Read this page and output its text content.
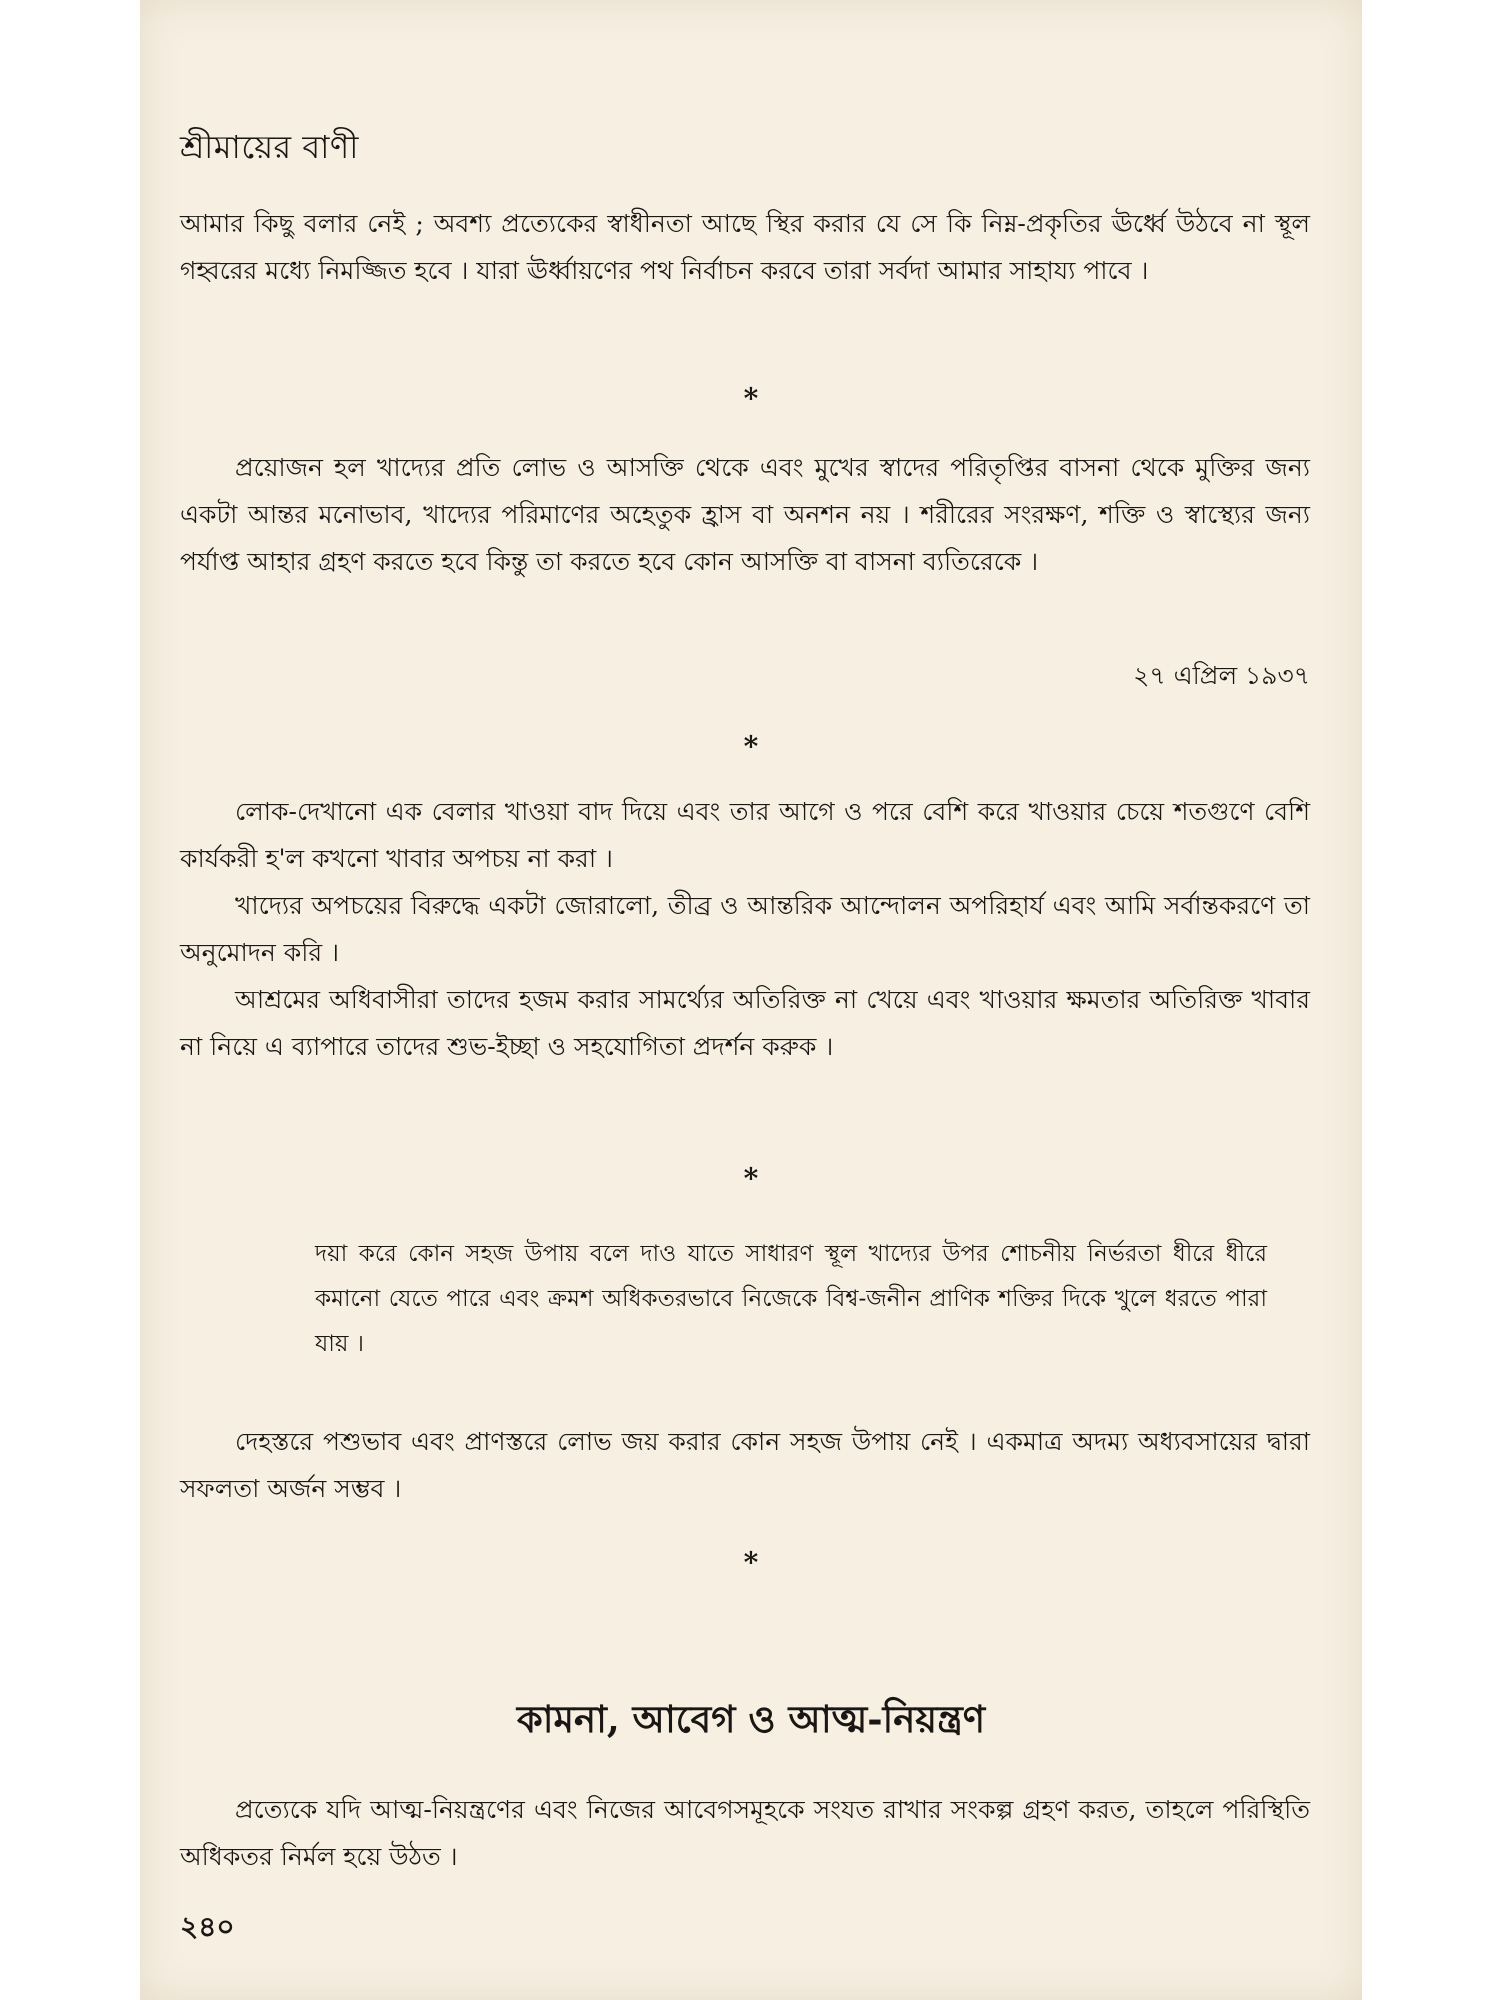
শ্রীমায়ের বাণী

আমার কিছু বলার নেই ; অবশ্য প্রত্যেকের স্বাধীনতা আছে স্থির করার যে সে কি নিম্ন-প্রকৃতির ঊর্ধ্বে উঠবে না স্থূল গহ্বরের মধ্যে নিমজ্জিত হবে । যারা ঊর্ধ্বায়ণের পথ নির্বাচন করবে তারা সর্বদা আমার সাহায্য পাবে ।

*

প্রয়োজন হল খাদ্যের প্রতি লোভ ও আসক্তি থেকে এবং মুখের স্বাদের পরিতৃপ্তির বাসনা থেকে মুক্তির জন্য একটা আন্তর মনোভাব, খাদ্যের পরিমাণের অহেতুক হ্রাস বা অনশন নয় । শরীরের সংরক্ষণ, শক্তি ও স্বাস্থ্যের জন্য পর্যাপ্ত আহার গ্রহণ করতে হবে কিন্তু তা করতে হবে কোন আসক্তি বা বাসনা ব্যতিরেকে ।

২৭ এপ্রিল ১৯৩৭
*

লোক-দেখানো এক বেলার খাওয়া বাদ দিয়ে এবং তার আগে ও পরে বেশি করে খাওয়ার চেয়ে শতগুণে বেশি কার্যকরী হ'ল কখনো খাবার অপচয় না করা ।

খাদ্যের অপচয়ের বিরুদ্ধে একটা জোরালো, তীব্র ও আন্তরিক আন্দোলন অপরিহার্য এবং আমি সর্বান্তকরণে তা অনুমোদন করি ।

আশ্রমের অধিবাসীরা তাদের হজম করার সামর্থ্যের অতিরিক্ত না খেয়ে এবং খাওয়ার ক্ষমতার অতিরিক্ত খাবার না নিয়ে এ ব্যাপারে তাদের শুভ-ইচ্ছা ও সহযোগিতা প্রদর্শন করুক ।

*

দয়া করে কোন সহজ উপায় বলে দাও যাতে সাধারণ স্থূল খাদ্যের উপর শোচনীয় নির্ভরতা ধীরে ধীরে কমানো যেতে পারে এবং ক্রমশ অধিকতরভাবে নিজেকে বিশ্ব-জনীন প্রাণিক শক্তির দিকে খুলে ধরতে পারা যায় ।

দেহস্তরে পশুভাব এবং প্রাণস্তরে লোভ জয় করার কোন সহজ উপায় নেই । একমাত্র অদম্য অধ্যবসায়ের দ্বারা সফলতা অর্জন সম্ভব ।

*
কামনা, আবেগ ও আত্ম-নিয়ন্ত্রণ

প্রত্যেকে যদি আত্ম-নিয়ন্ত্রণের এবং নিজের আবেগসমূহকে সংযত রাখার সংকল্প গ্রহণ করত, তাহলে পরিস্থিতি অধিকতর নির্মল হয়ে উঠত ।

২৪০
